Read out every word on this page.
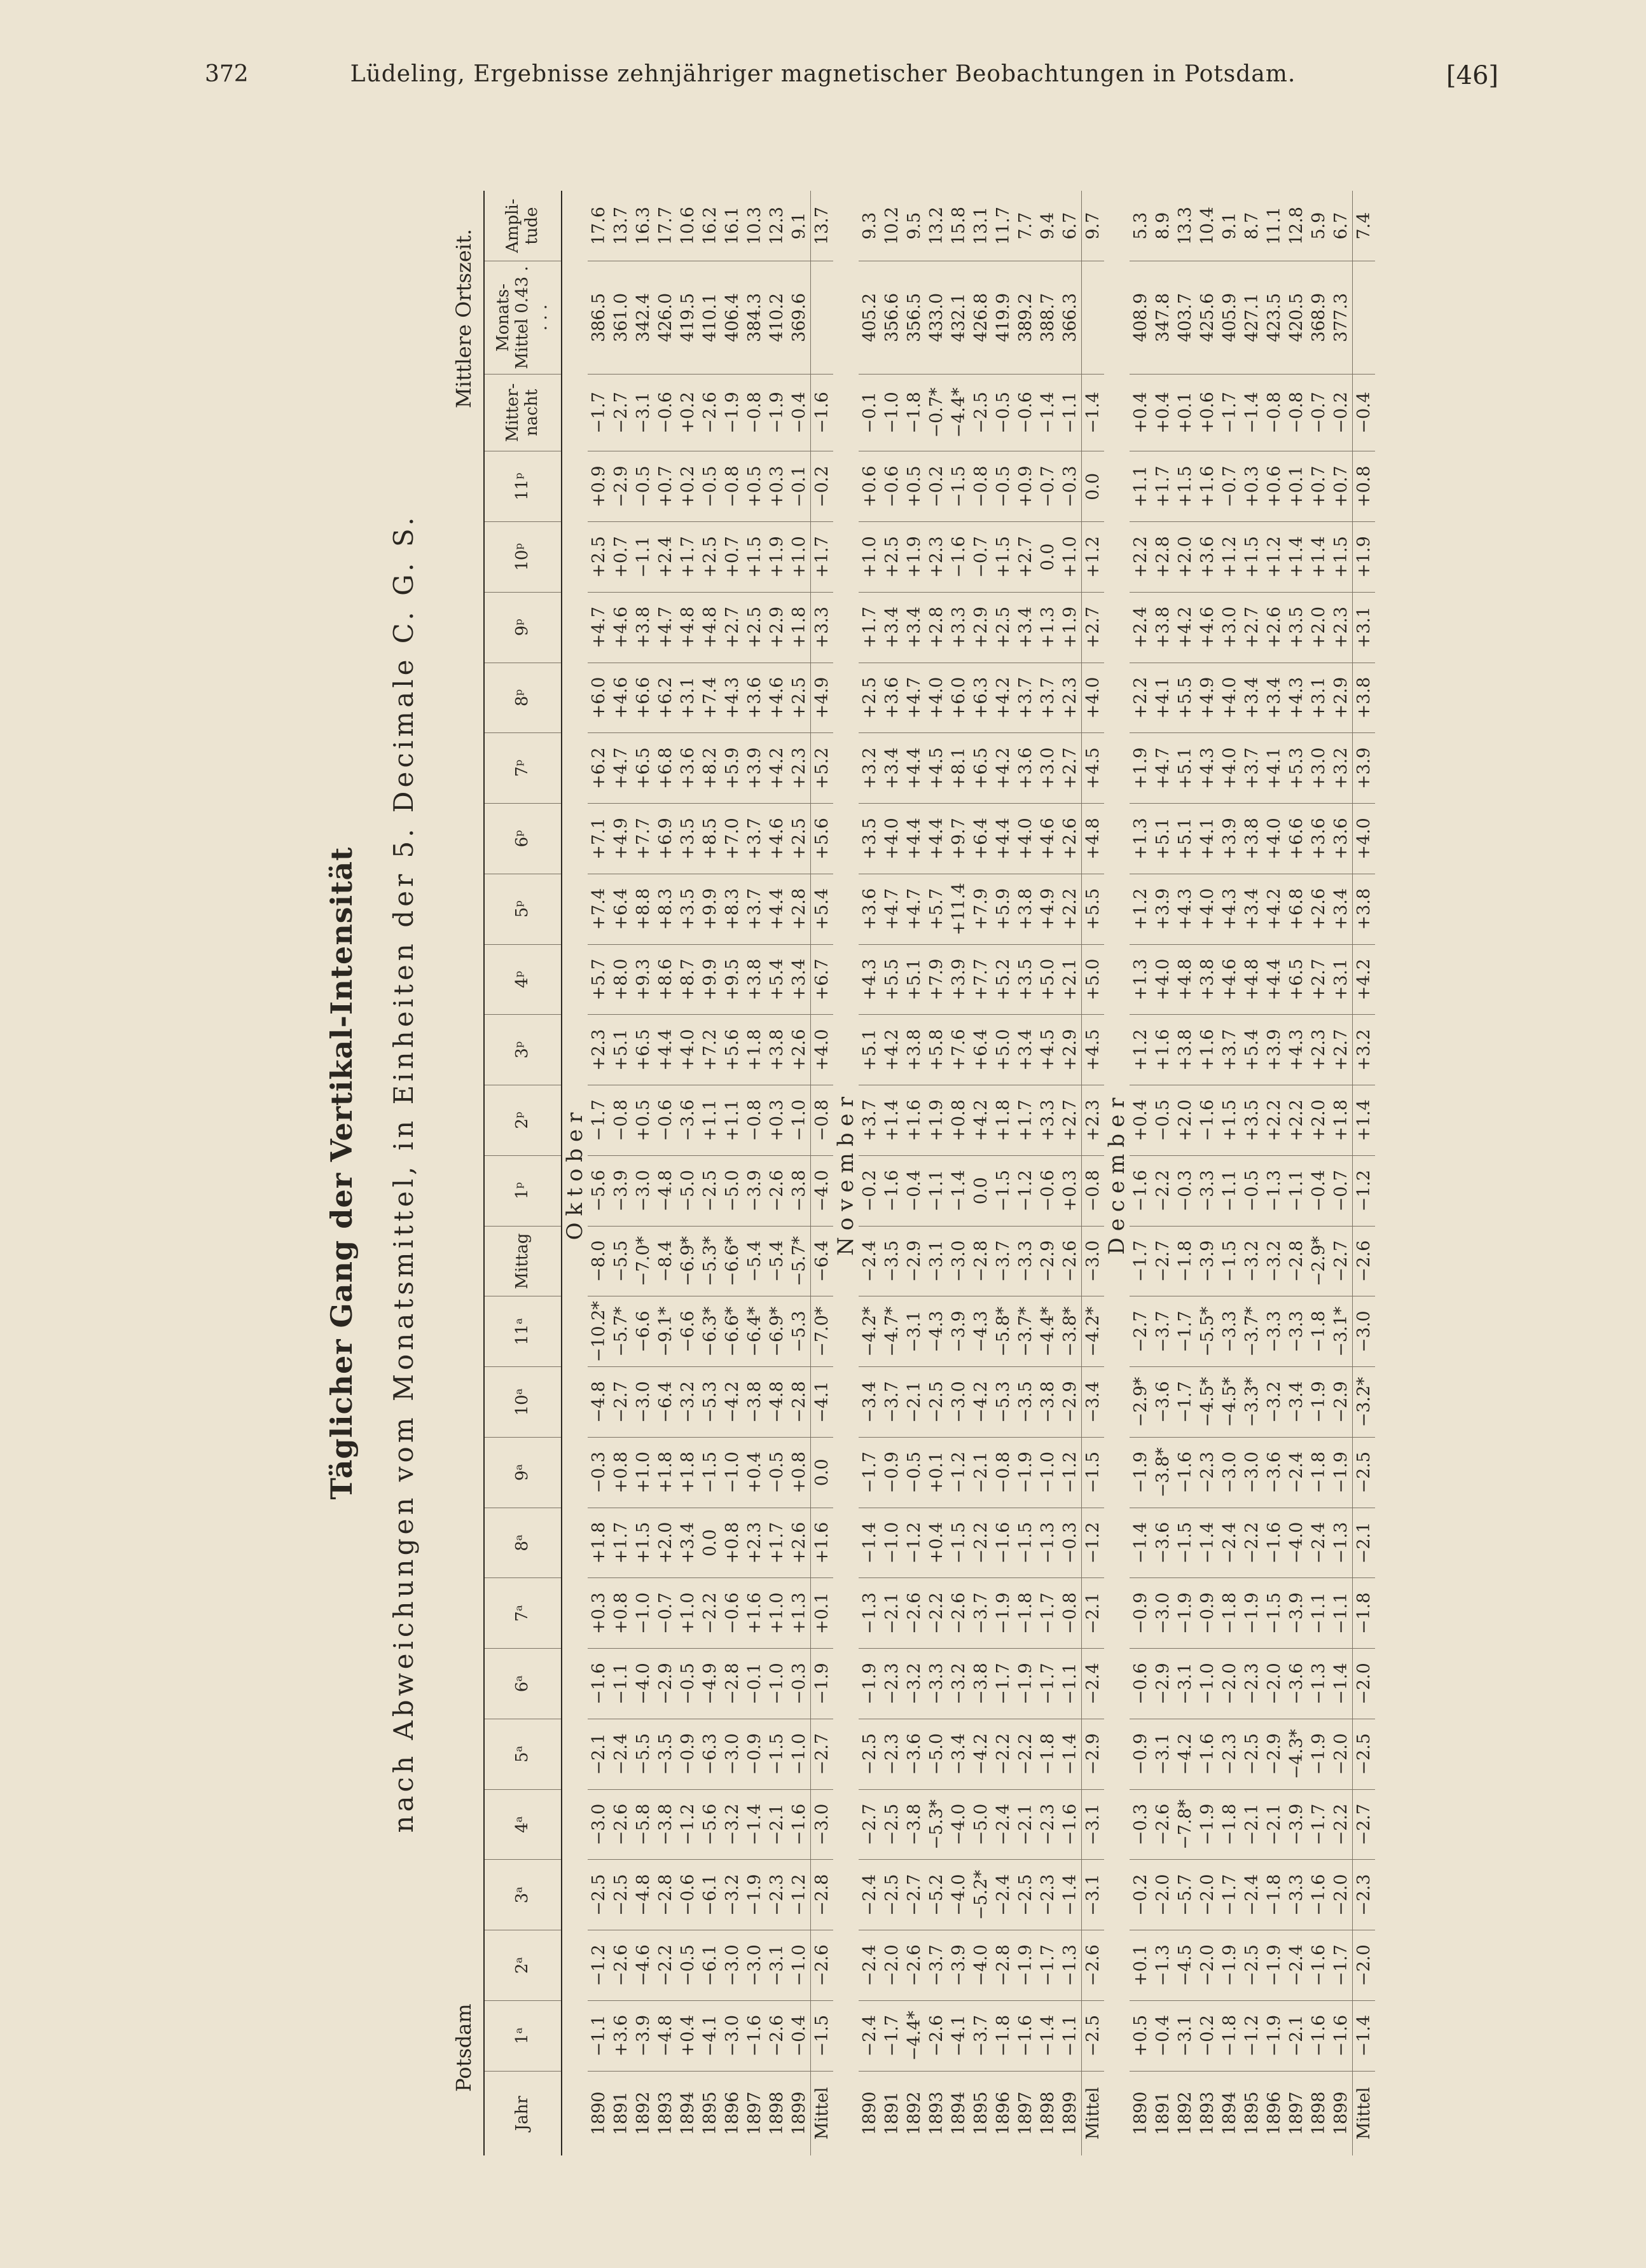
372	Lüdeling, Ergebnisse zehnjähriger magnetischer Beobachtungen in Potsdam.	[46]
Täglicher Gang der Vertikal-Intensität nach Abweichungen vom Monatsmittel, in Einheiten der 5. Decimale C. G. S.
Potsdam
Mittlere Ortszeit.
Jahr	1ᵃ	2ᵃ	3ᵃ	4ᵃ	5ᵃ	6ᵃ	7ᵃ	8ᵃ	9ᵃ	10ᵃ	11ᵃ	Mittag	1ᵖ	2ᵖ	3ᵖ	4ᵖ	5ᵖ	6ᵖ	7ᵖ	8ᵖ	9ᵖ	10ᵖ	11ᵖ	Mitter-nacht	Monats-Mittel 0.43 . . . .	Ampli-tude
Oktober																										
1890	−1.1	−1.2	−2.5	−3.0	−2.1	−1.6	+0.3	+1.8	−0.3	−4.8	−10.2*	−8.0	−5.6	−1.7	+2.3	+5.7	+7.4	+7.1	+6.2	+6.0	+4.7	+2.5	+0.9	−1.7	386.5	17.6
1891	+3.6	−2.6	−2.5	−2.6	−2.4	−1.1	+0.8	+1.7	+0.8	−2.7	−5.7*	−5.5	−3.9	−0.8	+5.1	+8.0	+6.4	+4.9	+4.7	+4.6	+4.6	+0.7	−2.9	−2.7	361.0	13.7
1892	−3.9	−4.6	−4.8	−5.8	−5.5	−4.0	−1.0	+1.5	+1.0	−3.0	−6.6	−7.0*	−3.0	+0.5	+6.5	+9.3	+8.8	+7.7	+6.5	+6.6	+3.8	−1.1	−0.5	−3.1	342.4	16.3
1893	−4.8	−2.2	−2.8	−3.8	−3.5	−2.9	−0.7	+2.0	+1.8	−6.4	−9.1*	−8.4	−4.8	−0.6	+4.4	+8.6	+8.3	+6.9	+6.8	+6.2	+4.7	+2.4	+0.7	−0.6	426.0	17.7
1894	+0.4	−0.5	−0.6	−1.2	−0.9	−0.5	+1.0	+3.4	+1.8	−3.2	−6.6	−6.9*	−5.0	−3.6	+4.0	+8.7	+3.5	+3.5	+3.6	+3.1	+4.8	+1.7	+0.2	+0.2	419.5	10.6
1895	−4.1	−6.1	−6.1	−5.6	−6.3	−4.9	−2.2	0.0	−1.5	−5.3	−6.3*	−5.3*	−2.5	+1.1	+7.2	+9.9	+9.9	+8.5	+8.2	+7.4	+4.8	+2.5	−0.5	−2.6	410.1	16.2
1896	−3.0	−3.0	−3.2	−3.2	−3.0	−2.8	−0.6	+0.8	−1.0	−4.2	−6.6*	−6.6*	−5.0	+1.1	+5.6	+9.5	+8.3	+7.0	+5.9	+4.3	+2.7	+0.7	−0.8	−1.9	406.4	16.1
1897	−1.6	−3.0	−1.9	−1.4	−0.9	−0.1	+1.6	+2.3	+0.4	−3.8	−6.4*	−5.4	−3.9	−0.8	+1.8	+3.8	+3.7	+3.7	+3.9	+3.6	+2.5	+1.5	+0.5	−0.8	384.3	10.3
1898	−2.6	−3.1	−2.3	−2.1	−1.5	−1.0	+1.0	+1.7	−0.5	−4.8	−6.9*	−5.4	−2.6	+0.3	+3.8	+5.4	+4.4	+4.6	+4.2	+4.6	+2.9	+1.9	+0.3	−1.9	410.2	12.3
1899	−0.4	−1.0	−1.2	−1.6	−1.0	−0.3	+1.3	+2.6	+0.8	−2.8	−5.3	−5.7*	−3.8	−1.0	+2.6	+3.4	+2.8	+2.5	+2.3	+2.5	+1.8	+1.0	−0.1	−0.4	369.6	9.1
Mittel	−1.5	−2.6	−2.8	−3.0	−2.7	−1.9	+0.1	+1.6	0.0	−4.1	−7.0*	−6.4	−4.0	−0.8	+4.0	+6.7	+5.4	+5.6	+5.2	+4.9	+3.3	+1.7	−0.2	−1.6		13.7
November																										
1890	−2.4	−2.4	−2.4	−2.7	−2.5	−1.9	−1.3	−1.4	−1.7	−3.4	−4.2*	−2.4	−0.2	+3.7	+5.1	+4.3	+3.6	+3.5	+3.2	+2.5	+1.7	+1.0	+0.6	−0.1	405.2	9.3
1891	−1.7	−2.0	−2.5	−2.5	−2.3	−2.3	−2.1	−1.0	−0.9	−3.7	−4.7*	−3.5	−1.6	+1.4	+4.2	+5.5	+4.7	+4.0	+3.4	+3.6	+3.4	+2.5	−0.6	−1.0	356.6	10.2
1892	−4.4*	−2.6	−2.7	−3.8	−3.6	−3.2	−2.6	−1.2	−0.5	−2.1	−3.1	−2.9	−0.4	+1.6	+3.8	+5.1	+4.7	+4.4	+4.4	+4.7	+3.4	+1.9	+0.5	−1.8	356.5	9.5
1893	−2.6	−3.7	−5.2	−5.3*	−5.0	−3.3	−2.2	+0.4	+0.1	−2.5	−4.3	−3.1	−1.1	+1.9	+5.8	+7.9	+5.7	+4.4	+4.5	+4.0	+2.8	+2.3	−0.2	−0.7*	433.0	13.2
1894	−4.1	−3.9	−4.0	−4.0	−3.4	−3.2	−2.6	−1.5	−1.2	−3.0	−3.9	−3.0	−1.4	+0.8	+7.6	+3.9	+11.4	+9.7	+8.1	+6.0	+3.3	−1.6	−1.5	−4.4*	432.1	15.8
1895	−3.7	−4.0	−5.2*	−5.0	−4.2	−3.8	−3.7	−2.2	−2.1	−4.2	−4.3	−2.8	0.0	+4.2	+6.4	+7.7	+7.9	+6.4	+6.5	+6.3	+2.9	−0.7	−0.8	−2.5	426.8	13.1
1896	−1.8	−2.8	−2.4	−2.4	−2.2	−1.7	−1.9	−1.6	−0.8	−5.3	−5.8*	−3.7	−1.5	+1.8	+5.0	+5.2	+5.9	+4.4	+4.2	+4.2	+2.5	+1.5	−0.5	−0.5	419.9	11.7
1897	−1.6	−1.9	−2.5	−2.1	−2.2	−1.9	−1.8	−1.5	−1.9	−3.5	−3.7*	−3.3	−1.2	+1.7	+3.4	+3.5	+3.8	+4.0	+3.6	+3.7	+3.4	+2.7	+0.9	−0.6	389.2	7.7
1898	−1.4	−1.7	−2.3	−2.3	−1.8	−1.7	−1.7	−1.3	−1.0	−3.8	−4.4*	−2.9	−0.6	+3.3	+4.5	+5.0	+4.9	+4.6	+3.0	+3.7	+1.3	0.0	−0.7	−1.4	388.7	9.4
1899	−1.1	−1.3	−1.4	−1.6	−1.4	−1.1	−0.8	−0.3	−1.2	−2.9	−3.8*	−2.6	+0.3	+2.7	+2.9	+2.1	+2.2	+2.6	+2.7	+2.3	+1.9	+1.0	−0.3	−1.1	366.3	6.7
Mittel	−2.5	−2.6	−3.1	−3.1	−2.9	−2.4	−2.1	−1.2	−1.5	−3.4	−4.2*	−3.0	−0.8	+2.3	+4.5	+5.0	+5.5	+4.8	+4.5	+4.0	+2.7	+1.2	0.0	−1.4		9.7
December																										
1890	+0.5	+0.1	−0.2	−0.3	−0.9	−0.6	−0.9	−1.4	−1.9	−2.9*	−2.7	−1.7	−1.6	+0.4	+1.2	+1.3	+1.2	+1.3	+1.9	+2.2	+2.4	+2.2	+1.1	+0.4	408.9	5.3
1891	−0.4	−1.3	−2.0	−2.6	−3.1	−2.9	−3.0	−3.6	−3.8*	−3.6	−3.7	−2.7	−2.2	−0.5	+1.6	+4.0	+3.9	+5.1	+4.7	+4.1	+3.8	+2.8	+1.7	+0.4	347.8	8.9
1892	−3.1	−4.5	−5.7	−7.8*	−4.2	−3.1	−1.9	−1.5	−1.6	−1.7	−1.7	−1.8	−0.3	+2.0	+3.8	+4.8	+4.3	+5.1	+5.1	+5.5	+4.2	+2.0	+1.5	+0.1	403.7	13.3
1893	−0.2	−2.0	−2.0	−1.9	−1.6	−1.0	−0.9	−1.4	−2.3	−4.5*	−5.5*	−3.9	−3.3	−1.6	+1.6	+3.8	+4.0	+4.1	+4.3	+4.9	+4.6	+3.6	+1.6	+0.6	425.6	10.4
1894	−1.8	−1.9	−1.7	−1.8	−2.3	−2.0	−1.8	−2.4	−3.0	−4.5*	−3.3	−1.5	−1.1	+1.5	+3.7	+4.6	+4.3	+3.9	+4.0	+4.0	+3.0	+1.2	−0.7	−1.7	405.9	9.1
1895	−1.2	−2.5	−2.4	−2.1	−2.5	−2.3	−1.9	−2.2	−3.0	−3.3*	−3.7*	−3.2	−0.5	+3.5	+5.4	+4.8	+3.4	+3.8	+3.7	+3.4	+2.7	+1.5	+0.3	−1.4	427.1	8.7
1896	−1.9	−1.9	−1.8	−2.1	−2.9	−2.0	−1.5	−1.6	−3.6	−3.2	−3.3	−3.2	−1.3	+2.2	+3.9	+4.4	+4.2	+4.0	+4.1	+3.4	+2.6	+1.2	+0.6	−0.8	423.5	11.1
1897	−2.1	−2.4	−3.3	−3.9	−4.3*	−3.6	−3.9	−4.0	−2.4	−3.4	−3.3	−2.8	−1.1	+2.2	+4.3	+6.5	+6.8	+6.6	+5.3	+4.3	+3.5	+1.4	+0.1	−0.8	420.5	12.8
1898	−1.6	−1.6	−1.6	−1.7	−1.9	−1.3	−1.1	−2.4	−1.8	−1.9	−1.8	−2.9*	−0.4	+2.0	+2.3	+2.7	+2.6	+3.6	+3.0	+3.1	+2.0	+1.4	+0.7	−0.7	368.9	5.9
1899	−1.6	−1.7	−2.0	−2.2	−2.0	−1.4	−1.1	−1.3	−1.9	−2.9	−3.1*	−2.7	−0.7	+1.8	+2.7	+3.1	+3.4	+3.6	+3.2	+2.9	+2.3	+1.5	+0.7	−0.2	377.3	6.7
Mittel	−1.4	−2.0	−2.3	−2.7	−2.5	−2.0	−1.8	−2.1	−2.5	−3.2*	−3.0	−2.6	−1.2	+1.4	+3.2	+4.2	+3.8	+4.0	+3.9	+3.8	+3.1	+1.9	+0.8	−0.4		7.4
